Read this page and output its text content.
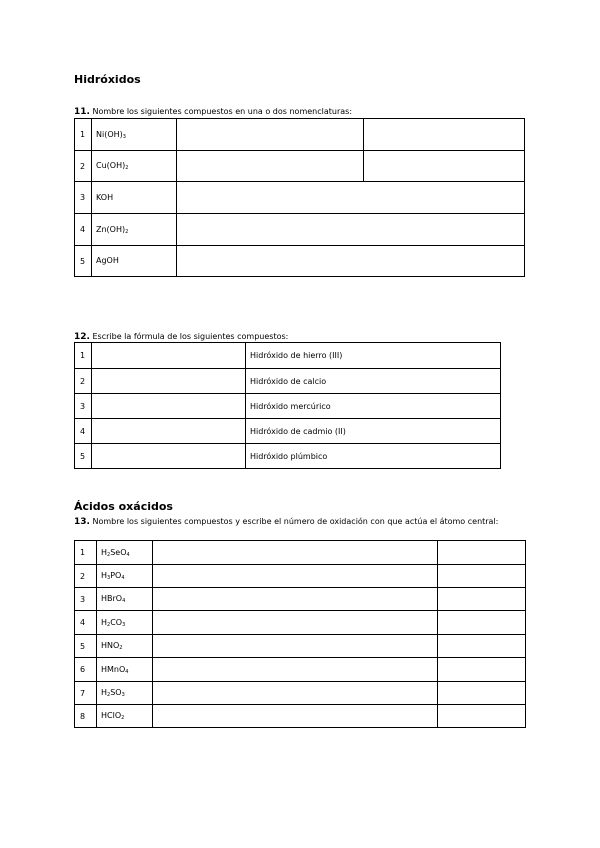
Hidróxidos
11. Nombre los siguientes compuestos en una o dos nomenclaturas:
1	$Ni(OH)_3$		
2	$Cu(OH)_2$		
3	KOH		
4	$Zn(OH)_2$	
5	AgOH		
12. Escribe la fórmula de los siguientes compuestos:
1		Hidróxido de hierro (III)
2		Hidróxido de calcio
3		Hidróxido mercúrico
4		Hidróxido de cadmio (II)
5		Hidróxido plúmbico
Ácidos oxácidos
13. Nombre los siguientes compuestos y escribe el número de oxidación con que actúa el átomo central:
1	$H_2SeO_4$		
2	$H_3PO_4$		
3	HBrO$_4$		
4	$H_2CO_3$		
5	$HNO_2$		
6	HMnO$_4$		
7	$H_2SO_3$		
8	HClO$_2$		
